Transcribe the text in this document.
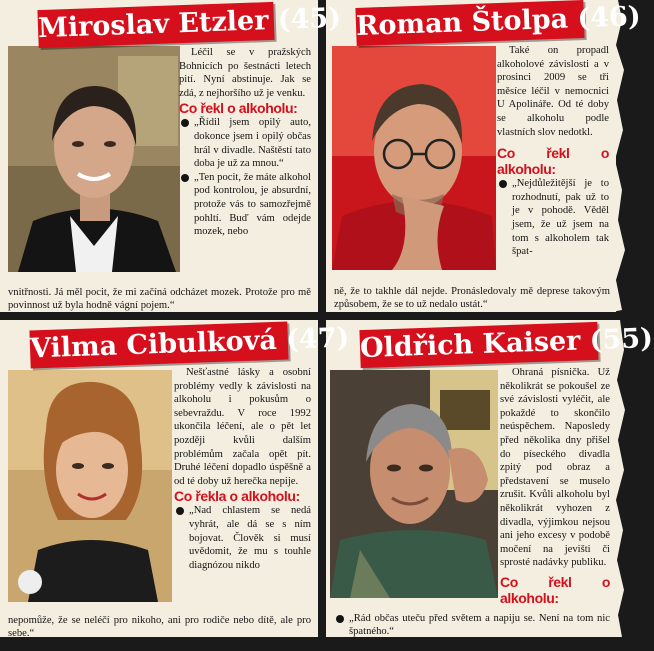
Miroslav Etzler (45)

Léčil se v pražských Bohnicích po šestnácti letech pití. Nyní abstinuje. Jak se zdá, z nejhoršího už je venku.

Co řekl o alkoholu:

„Řídil jsem opilý auto, dokonce jsem i opilý občas hrál v divadle. Naštěstí tato doba je už za mnou.“

„Ten pocit, že máte alkohol pod kontrolou, je absurdní, protože vás to samozřejmě pohltí. Buď vám odejde mozek, nebo

vnitřnosti. Já měl pocit, že mi začíná odcházet mozek. Protože pro mě povinnost už byla hodně vágní pojem.“

Roman Štolpa (46)

Také on propadl alkoholové závislosti a v prosinci 2009 se tři měsíce léčil v nemocnici U Apolináře. Od té doby se alkoholu podle vlastních slov nedotkl.

Co řekl o alkoholu:

„Nejdůležitější je to rozhodnutí, pak už to je v pohodě. Věděl jsem, že už jsem na tom s alkoholem tak špat-

ně, že to takhle dál nejde. Pronásledovaly mě deprese takovým způsobem, že se to už nedalo ustát.“

Vilma Cibulková (47)

Nešťastné lásky a osobní problémy vedly k závislosti na alkoholu i pokusům o sebevraždu. V roce 1992 ukončila léčení, ale o pět let později kvůli dalším problémům začala opět pít. Druhé léčení dopadlo úspěšně a od té doby už herečka nepije.

Co řekla o alkoholu:

„Nad chlastem se nedá vyhrát, ale dá se s ním bojovat. Člověk si musí uvědomit, že mu s touhle diagnózou nikdo

nepomůže, že se neléčí pro nikoho, ani pro rodiče nebo dítě, ale pro sebe.“

Oldřich Kaiser (55)

Ohraná písnička. Už několikrát se pokoušel ze své závislosti vyléčit, ale pokaždé to skončilo neúspěchem. Naposledy před několika dny přišel do píseckého divadla zpitý pod obraz a představení se muselo zrušit. Kvůli alkoholu byl několikrát vyhozen z divadla, výjimkou nejsou ani jeho excesy v podobě močení na jevišti či sprosté nadávky publiku.

Co řekl o alkoholu:

„Rád občas uteču před světem a napiju se. Není na tom nic špatného.“
